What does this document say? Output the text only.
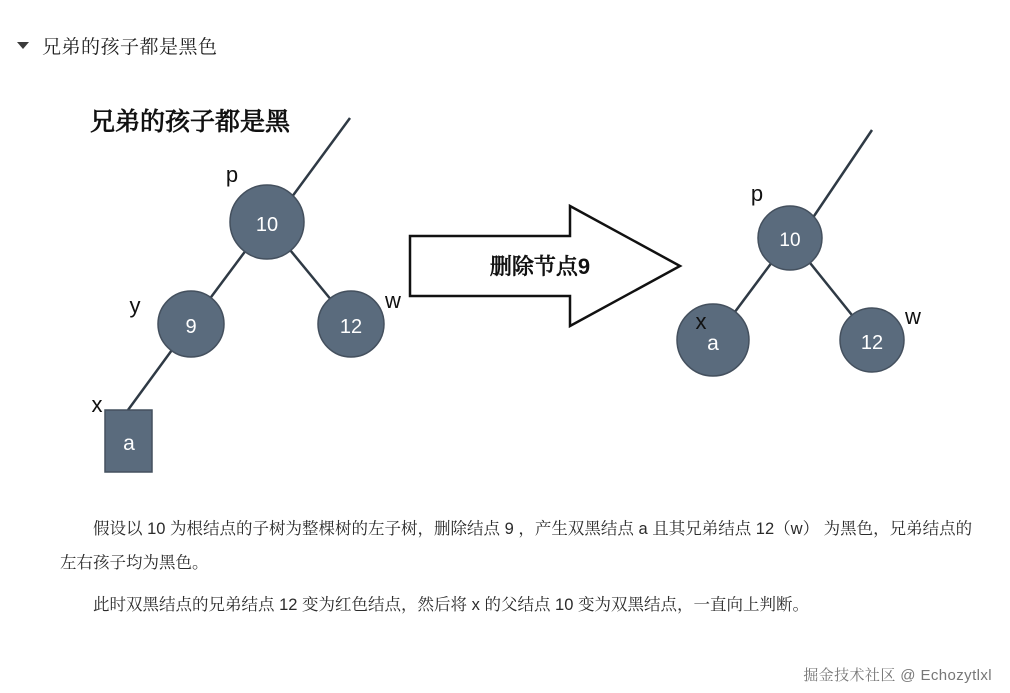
兄弟的孩子都是黑色
兄弟的孩子都是黑
10
p
9
y
12
w
a
x
删除节点9
10
p
a
x
12
w

假设以 10 为根结点的子树为整棵树的左子树，删除结点 9 ，产生双黑结点 a 且其兄弟结点 12（w） 为黑色，兄弟结点的左右孩子均为黑色。

此时双黑结点的兄弟结点 12 变为红色结点，然后将 x 的父结点 10 变为双黑结点，一直向上判断。

掘金技术社区 @ Echozytlxl
